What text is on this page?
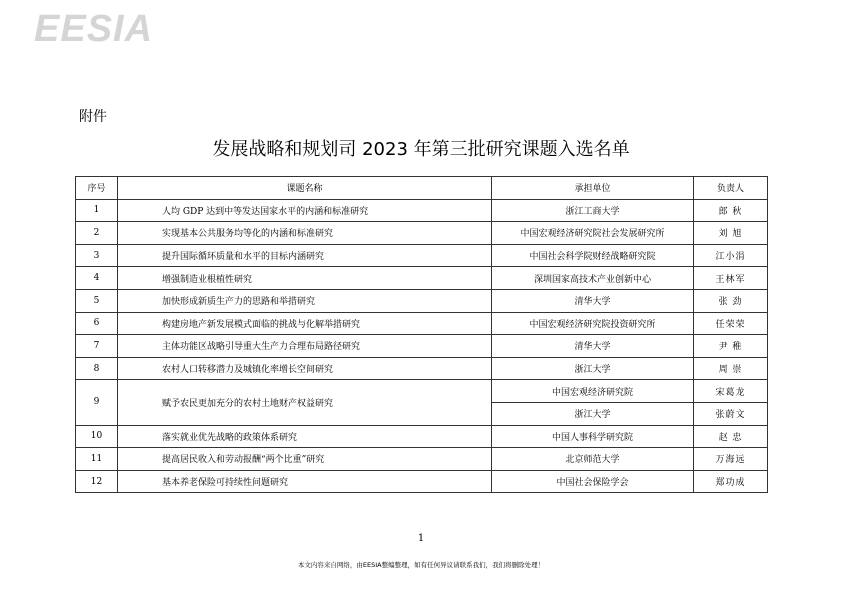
EESIA
附件
发展战略和规划司 2023 年第三批研究课题入选名单
序号	课题名称	承担单位	负责人
1	人均 GDP 达到中等发达国家水平的内涵和标准研究	浙江工商大学	郎 秋
2	实现基本公共服务均等化的内涵和标准研究	中国宏观经济研究院社会发展研究所	刘 旭
3	提升国际循环质量和水平的目标内涵研究	中国社会科学院财经战略研究院	江小涓
4	增强制造业根植性研究	深圳国家高技术产业创新中心	王林军
5	加快形成新质生产力的思路和举措研究	清华大学	张 劲
6	构建房地产新发展模式面临的挑战与化解举措研究	中国宏观经济研究院投资研究所	任荣荣
7	主体功能区战略引导重大生产力合理布局路径研究	清华大学	尹 稚
8	农村人口转移潜力及城镇化率增长空间研究	浙江大学	周 崇
9	赋予农民更加充分的农村土地财产权益研究	中国宏观经济研究院	宋葛龙
		浙江大学	张蔚文
10	落实就业优先战略的政策体系研究	中国人事科学研究院	赵 忠
11	提高居民收入和劳动报酬“两个比重”研究	北京师范大学	万海远
12	基本养老保险可持续性问题研究	中国社会保险学会	郑功成
1
本文内容来自网络，由EESIA整编整理，如有任何异议请联系我们，我们将删除处理！
